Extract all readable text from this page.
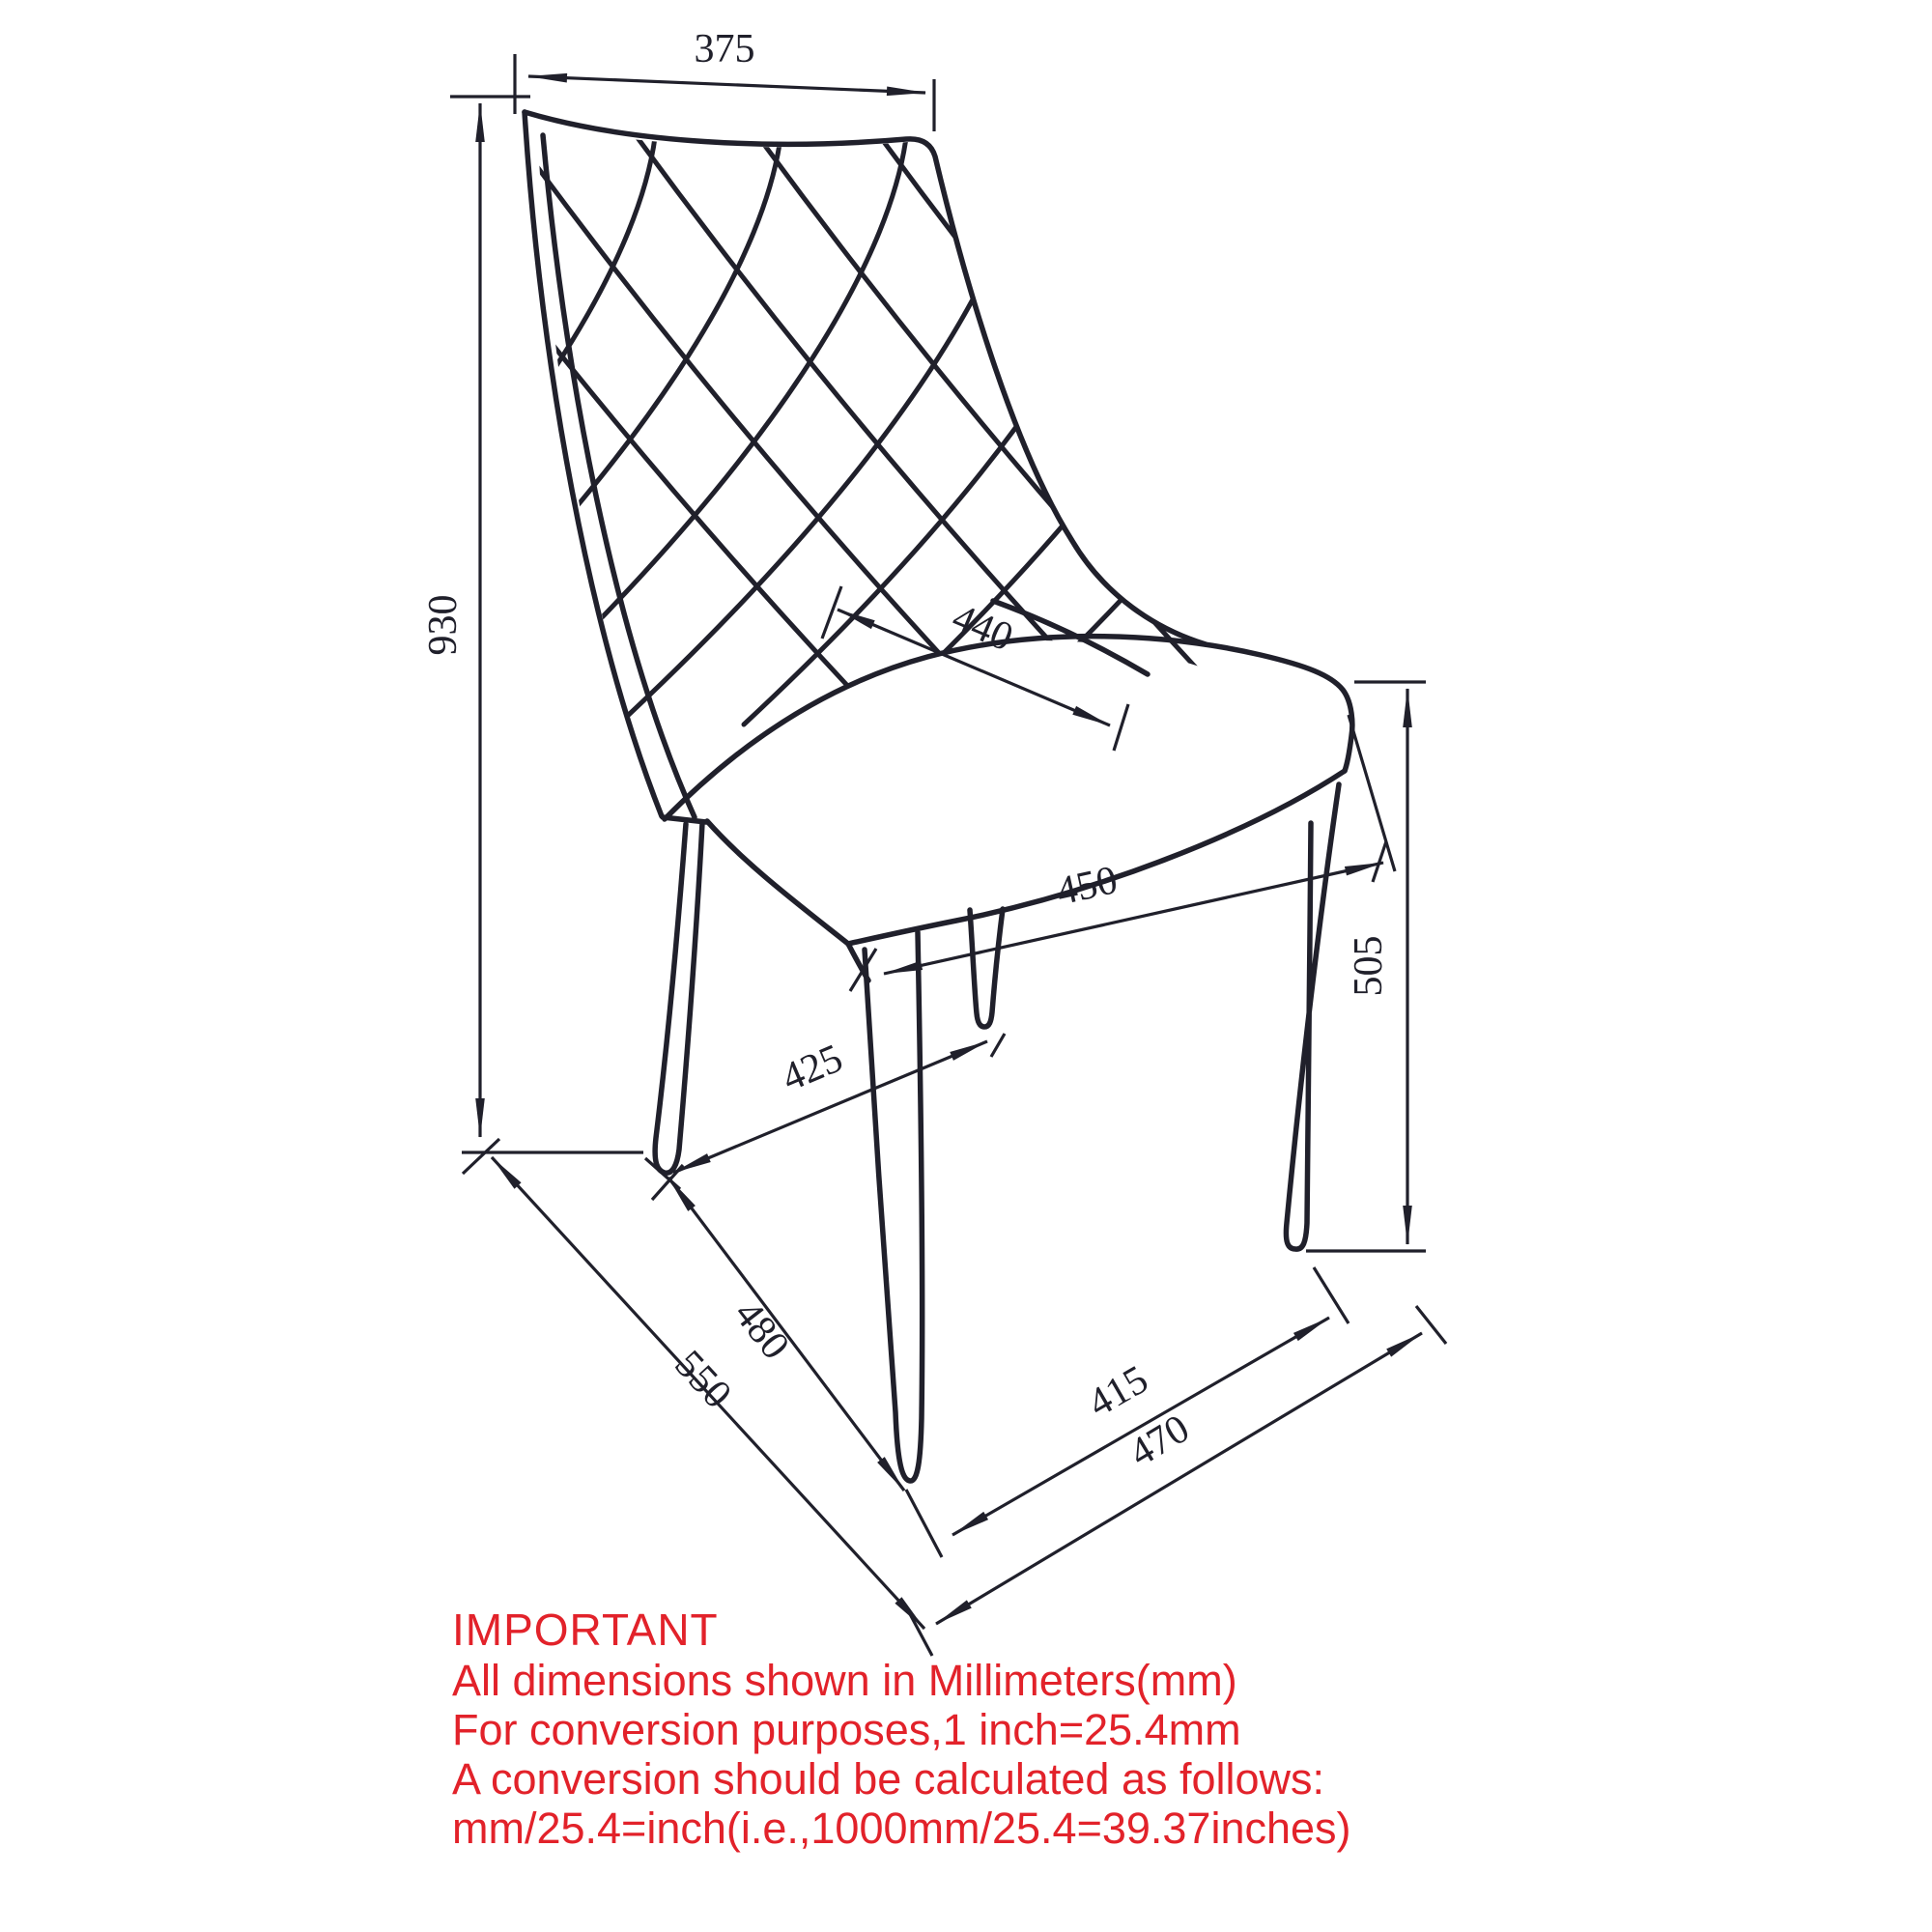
375
930	440
450
505
425
480
550	415
470
IMPORTANT
All dimensions shown in Millimeters(mm)
For conversion purposes,1 inch=25.4mm
A conversion should be calculated as follows:
mm/25.4=inch(i.e.,1000mm/25.4=39.37inches)
